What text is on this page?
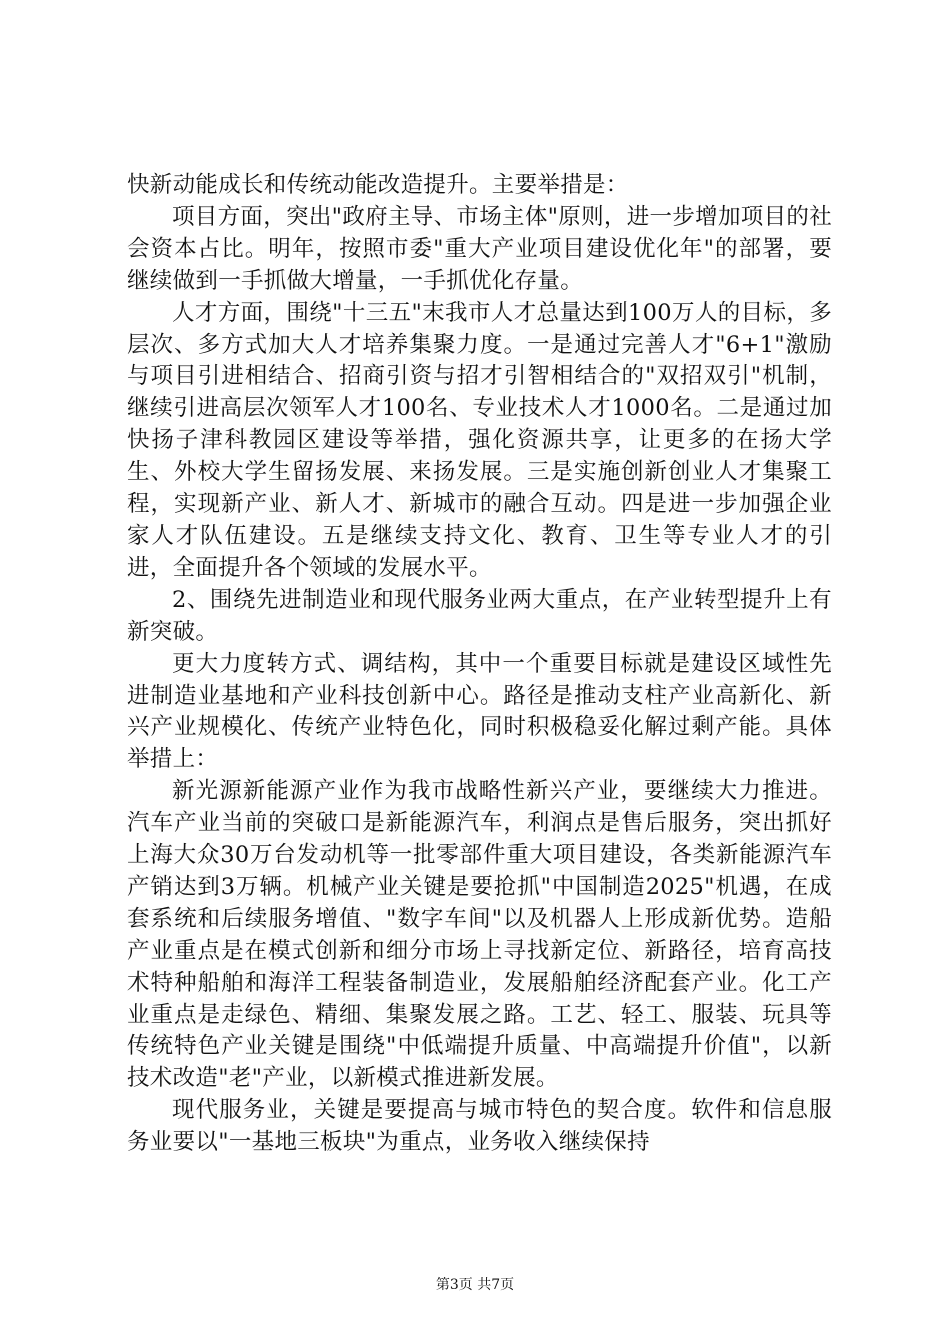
快新动能成长和传统动能改造提升。主要举措是：

项目方面，突出"政府主导、市场主体"原则，进一步增加项目的社会资本占比。明年，按照市委"重大产业项目建设优化年"的部署，要继续做到一手抓做大增量，一手抓优化存量。

人才方面，围绕"十三五"末我市人才总量达到100万人的目标，多层次、多方式加大人才培养集聚力度。一是通过完善人才"6+1"激励与项目引进相结合、招商引资与招才引智相结合的"双招双引"机制，继续引进高层次领军人才100名、专业技术人才1000名。二是通过加快扬子津科教园区建设等举措，强化资源共享，让更多的在扬大学生、外校大学生留扬发展、来扬发展。三是实施创新创业人才集聚工程，实现新产业、新人才、新城市的融合互动。四是进一步加强企业家人才队伍建设。五是继续支持文化、教育、卫生等专业人才的引进，全面提升各个领域的发展水平。

2、围绕先进制造业和现代服务业两大重点，在产业转型提升上有新突破。

更大力度转方式、调结构，其中一个重要目标就是建设区域性先进制造业基地和产业科技创新中心。路径是推动支柱产业高新化、新兴产业规模化、传统产业特色化，同时积极稳妥化解过剩产能。具体举措上：

新光源新能源产业作为我市战略性新兴产业，要继续大力推进。汽车产业当前的突破口是新能源汽车，利润点是售后服务，突出抓好上海大众30万台发动机等一批零部件重大项目建设，各类新能源汽车产销达到3万辆。机械产业关键是要抢抓"中国制造2025"机遇，在成套系统和后续服务增值、"数字车间"以及机器人上形成新优势。造船产业重点是在模式创新和细分市场上寻找新定位、新路径，培育高技术特种船舶和海洋工程装备制造业，发展船舶经济配套产业。化工产业重点是走绿色、精细、集聚发展之路。工艺、轻工、服装、玩具等传统特色产业关键是围绕"中低端提升质量、中高端提升价值"，以新技术改造"老"产业，以新模式推进新发展。

现代服务业，关键是要提高与城市特色的契合度。软件和信息服务业要以"一基地三板块"为重点，业务收入继续保持

第3页 共7页
